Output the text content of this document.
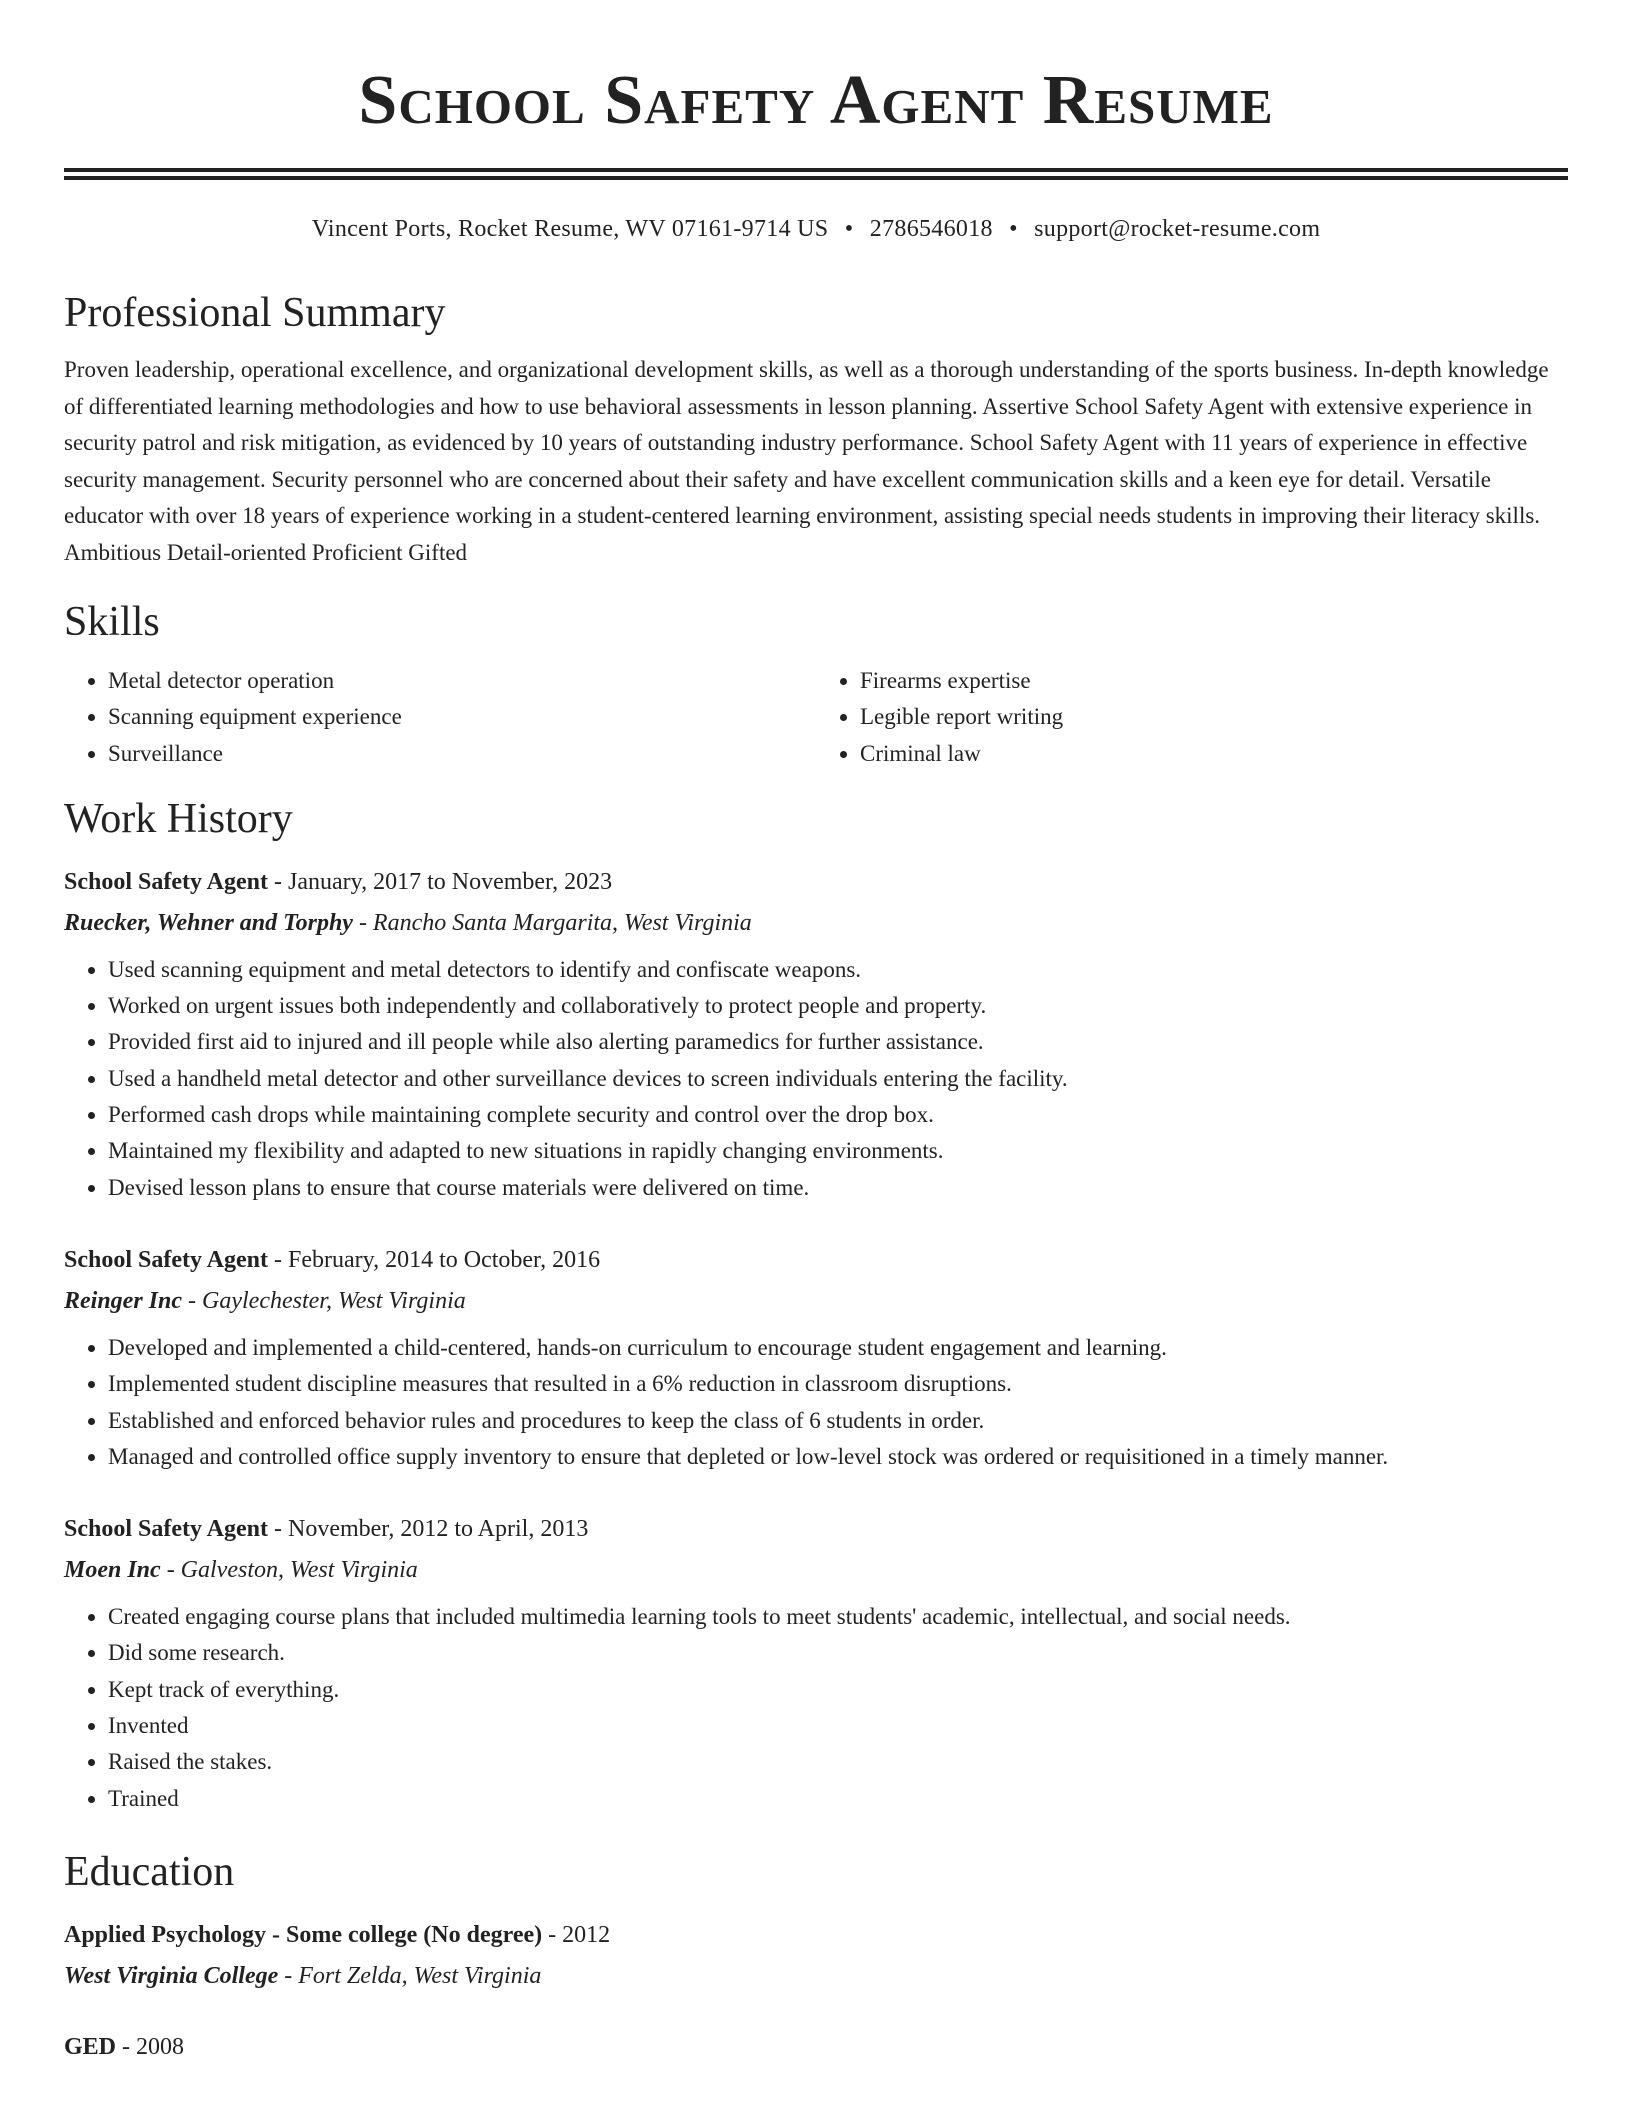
School Safety Agent Resume
Vincent Ports, Rocket Resume, WV 07161-9714 US • 2786546018 • support@rocket-resume.com
Professional Summary

Proven leadership, operational excellence, and organizational development skills, as well as a thorough understanding of the sports business. In-depth knowledge of differentiated learning methodologies and how to use behavioral assessments in lesson planning. Assertive School Safety Agent with extensive experience in security patrol and risk mitigation, as evidenced by 10 years of outstanding industry performance. School Safety Agent with 11 years of experience in effective security management. Security personnel who are concerned about their safety and have excellent communication skills and a keen eye for detail. Versatile educator with over 18 years of experience working in a student-centered learning environment, assisting special needs students in improving their literacy skills. Ambitious Detail-oriented Proficient Gifted

Skills
• Metal detector operation
• Scanning equipment experience
• Surveillance
• Firearms expertise
• Legible report writing
• Criminal law
Work History
School Safety Agent - January, 2017 to November, 2023
Ruecker, Wehner and Torphy - Rancho Santa Margarita, West Virginia
• Used scanning equipment and metal detectors to identify and confiscate weapons.
• Worked on urgent issues both independently and collaboratively to protect people and property.
• Provided first aid to injured and ill people while also alerting paramedics for further assistance.
• Used a handheld metal detector and other surveillance devices to screen individuals entering the facility.
• Performed cash drops while maintaining complete security and control over the drop box.
• Maintained my flexibility and adapted to new situations in rapidly changing environments.
• Devised lesson plans to ensure that course materials were delivered on time.
School Safety Agent - February, 2014 to October, 2016
Reinger Inc - Gaylechester, West Virginia
• Developed and implemented a child-centered, hands-on curriculum to encourage student engagement and learning.
• Implemented student discipline measures that resulted in a 6% reduction in classroom disruptions.
• Established and enforced behavior rules and procedures to keep the class of 6 students in order.
• Managed and controlled office supply inventory to ensure that depleted or low-level stock was ordered or requisitioned in a timely manner.
School Safety Agent - November, 2012 to April, 2013
Moen Inc - Galveston, West Virginia
• Created engaging course plans that included multimedia learning tools to meet students' academic, intellectual, and social needs.
• Did some research.
• Kept track of everything.
• Invented
• Raised the stakes.
• Trained
Education
Applied Psychology - Some college (No degree) - 2012
West Virginia College - Fort Zelda, West Virginia
GED - 2008
